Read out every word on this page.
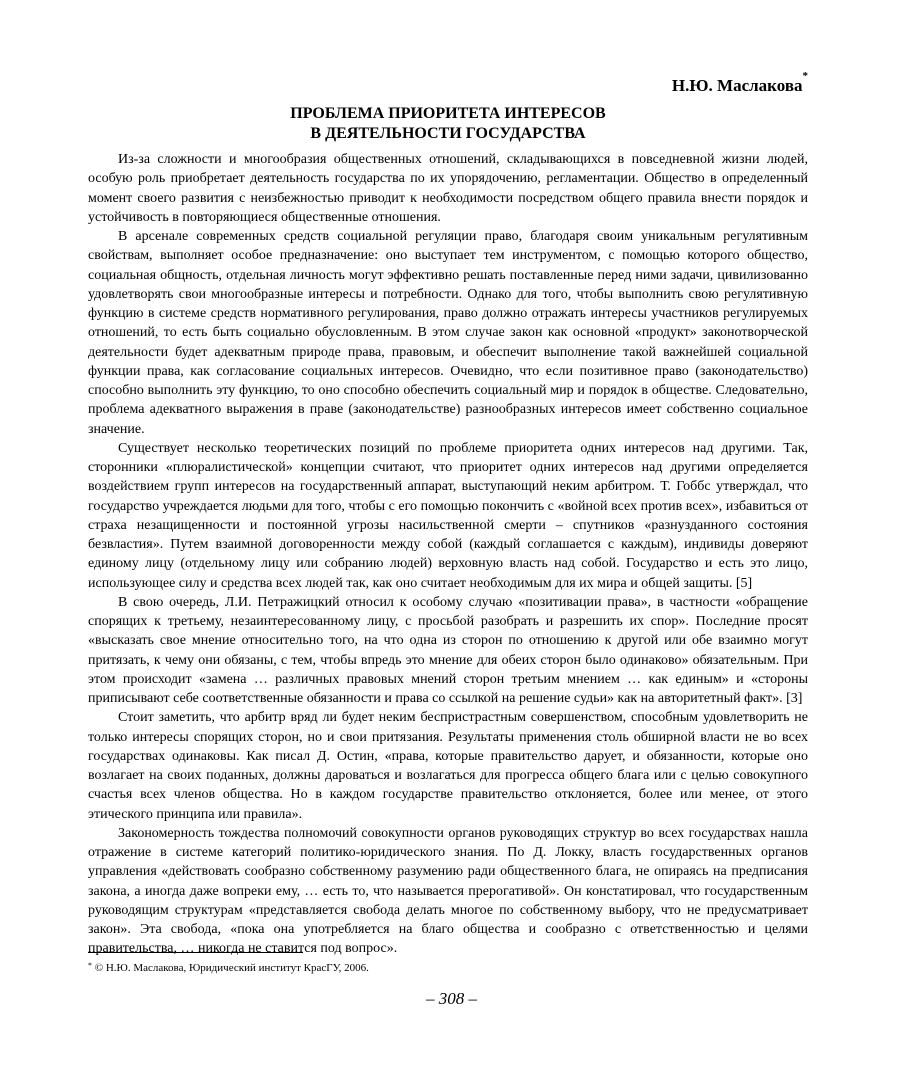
Н.Ю. Маслакова*
ПРОБЛЕМА ПРИОРИТЕТА ИНТЕРЕСОВ
В ДЕЯТЕЛЬНОСТИ ГОСУДАРСТВА

Из-за сложности и многообразия общественных отношений, складывающихся в повседневной жизни людей, особую роль приобретает деятельность государства по их упорядочению, регламентации. Общество в определенный момент своего развития с неизбежностью приводит к необходимости посредством общего правила внести порядок и устойчивость в повторяющиеся общественные отношения.

В арсенале современных средств социальной регуляции право, благодаря своим уникальным регулятивным свойствам, выполняет особое предназначение: оно выступает тем инструментом, с помощью которого общество, социальная общность, отдельная личность могут эффективно решать поставленные перед ними задачи, цивилизованно удовлетворять свои многообразные интересы и потребности. Однако для того, чтобы выполнить свою регулятивную функцию в системе средств нормативного регулирования, право должно отражать интересы участников регулируемых отношений, то есть быть социально обусловленным. В этом случае закон как основной «продукт» законотворческой деятельности будет адекватным природе права, правовым, и обеспечит выполнение такой важнейшей социальной функции права, как согласование социальных интересов. Очевидно, что если позитивное право (законодательство) способно выполнить эту функцию, то оно способно обеспечить социальный мир и порядок в обществе. Следовательно, проблема адекватного выражения в праве (законодательстве) разнообразных интересов имеет собственно социальное значение.

Существует несколько теоретических позиций по проблеме приоритета одних интересов над другими. Так, сторонники «плюралистической» концепции считают, что приоритет одних интересов над другими определяется воздействием групп интересов на государственный аппарат, выступающий неким арбитром. Т. Гоббс утверждал, что государство учреждается людьми для того, чтобы с его помощью покончить с «войной всех против всех», избавиться от страха незащищенности и постоянной угрозы насильственной смерти – спутников «разнузданного состояния безвластия». Путем взаимной договоренности между собой (каждый соглашается с каждым), индивиды доверяют единому лицу (отдельному лицу или собранию людей) верховную власть над собой. Государство и есть это лицо, использующее силу и средства всех людей так, как оно считает необходимым для их мира и общей защиты. [5]

В свою очередь, Л.И. Петражицкий относил к особому случаю «позитивации права», в частности «обращение спорящих к третьему, незаинтересованному лицу, с просьбой разобрать и разрешить их спор». Последние просят «высказать свое мнение относительно того, на что одна из сторон по отношению к другой или обе взаимно могут притязать, к чему они обязаны, с тем, чтобы впредь это мнение для обеих сторон было одинаково» обязательным. При этом происходит «замена … различных правовых мнений сторон третьим мнением … как единым» и «стороны приписывают себе соответственные обязанности и права со ссылкой на решение судьи» как на авторитетный факт». [3]

Стоит заметить, что арбитр вряд ли будет неким беспристрастным совершенством, способным удовлетворить не только интересы спорящих сторон, но и свои притязания. Результаты применения столь обширной власти не во всех государствах одинаковы. Как писал Д. Остин, «права, которые правительство дарует, и обязанности, которые оно возлагает на своих поданных, должны дароваться и возлагаться для прогресса общего блага или с целью совокупного счастья всех членов общества. Но в каждом государстве правительство отклоняется, более или менее, от этого этического принципа или правила».

Закономерность тождества полномочий совокупности органов руководящих структур во всех государствах нашла отражение в системе категорий политико-юридического знания. По Д. Локку, власть государственных органов управления «действовать сообразно собственному разумению ради общественного блага, не опираясь на предписания закона, а иногда даже вопреки ему, … есть то, что называется прерогативой». Он констатировал, что государственным руководящим структурам «представляется свобода делать многое по собственному выбору, что не предусматривает закон». Эта свобода, «пока она употребляется на благо общества и сообразно с ответственностью и целями правительства, … никогда не ставится под вопрос».

* © Н.Ю. Маслакова, Юридический институт КрасГУ, 2006.
– 308 –
